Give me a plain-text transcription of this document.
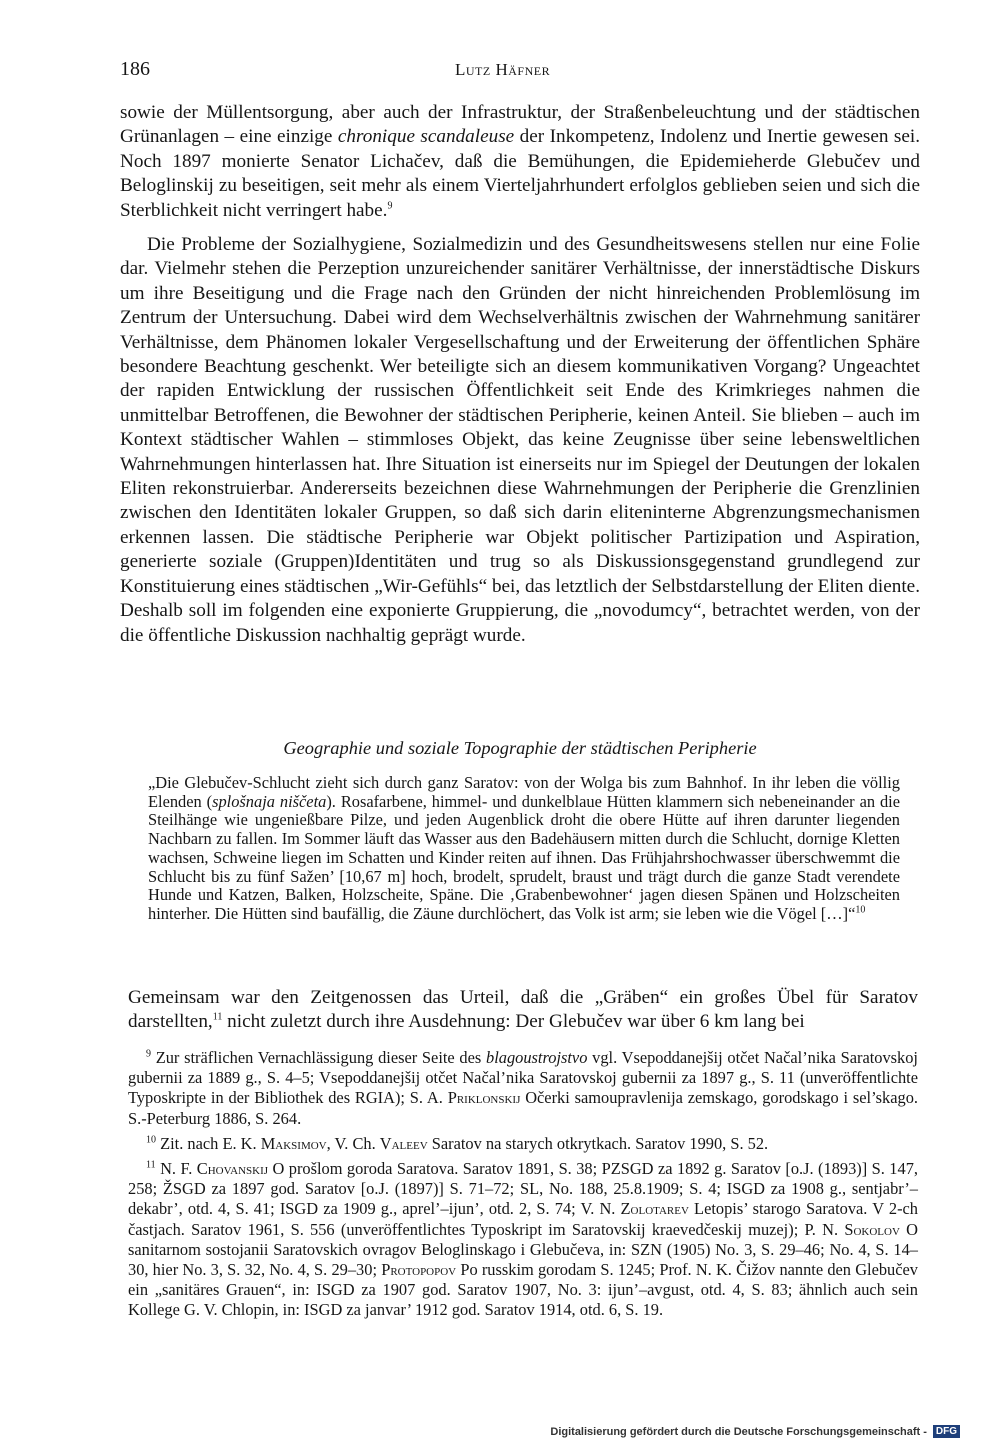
186	Lutz Häfner

sowie der Müllentsorgung, aber auch der Infrastruktur, der Straßenbeleuchtung und der städtischen Grünanlagen – eine einzige chronique scandaleuse der Inkompetenz, Indolenz und Inertie gewesen sei. Noch 1897 monierte Senator Lichačev, daß die Bemühungen, die Epidemieherde Glebučev und Beloglinskij zu beseitigen, seit mehr als einem Vierteljahrhundert erfolglos geblieben seien und sich die Sterblichkeit nicht verringert habe.$^9$

Die Probleme der Sozialhygiene, Sozialmedizin und des Gesundheitswesens stellen nur eine Folie dar. Vielmehr stehen die Perzeption unzureichender sanitärer Verhältnisse, der innerstädtische Diskurs um ihre Beseitigung und die Frage nach den Gründen der nicht hinreichenden Problemlösung im Zentrum der Untersuchung. Dabei wird dem Wechselverhältnis zwischen der Wahrnehmung sanitärer Verhältnisse, dem Phänomen lokaler Vergesellschaftung und der Erweiterung der öffentlichen Sphäre besondere Beachtung geschenkt. Wer beteiligte sich an diesem kommunikativen Vorgang? Ungeachtet der rapiden Entwicklung der russischen Öffentlichkeit seit Ende des Krimkrieges nahmen die unmittelbar Betroffenen, die Bewohner der städtischen Peripherie, keinen Anteil. Sie blieben – auch im Kontext städtischer Wahlen – stimmloses Objekt, das keine Zeugnisse über seine lebensweltlichen Wahrnehmungen hinterlassen hat. Ihre Situation ist einerseits nur im Spiegel der Deutungen der lokalen Eliten rekonstruierbar. Andererseits bezeichnen diese Wahrnehmungen der Peripherie die Grenzlinien zwischen den Identitäten lokaler Gruppen, so daß sich darin eliteninterne Abgrenzungsmechanismen erkennen lassen. Die städtische Peripherie war Objekt politischer Partizipation und Aspiration, generierte soziale (Gruppen)Identitäten und trug so als Diskussionsgegenstand grundlegend zur Konstituierung eines städtischen „Wir-Gefühls“ bei, das letztlich der Selbstdarstellung der Eliten diente. Deshalb soll im folgenden eine exponierte Gruppierung, die „novodumcy“, betrachtet werden, von der die öffentliche Diskussion nachhaltig geprägt wurde.

Geographie und soziale Topographie der städtischen Peripherie
„Die Glebučev-Schlucht zieht sich durch ganz Saratov: von der Wolga bis zum Bahnhof. In ihr leben die völlig Elenden (splošnaja niščeta). Rosafarbene, himmel- und dunkelblaue Hütten klammern sich nebeneinander an die Steilhänge wie ungenießbare Pilze, und jeden Augenblick droht die obere Hütte auf ihren darunter liegenden Nachbarn zu fallen. Im Sommer läuft das Wasser aus den Badehäusern mitten durch die Schlucht, dornige Kletten wachsen, Schweine liegen im Schatten und Kinder reiten auf ihnen. Das Frühjahrshochwasser überschwemmt die Schlucht bis zu fünf Sažen’ [10,67 m] hoch, brodelt, sprudelt, braust und trägt durch die ganze Stadt verendete Hunde und Katzen, Balken, Holzscheite, Späne. Die ‚Grabenbewohner‘ jagen diesen Spänen und Holzscheiten hinterher. Die Hütten sind baufällig, die Zäune durchlöchert, das Volk ist arm; sie leben wie die Vögel […]“$^{10}$

Gemeinsam war den Zeitgenossen das Urteil, daß die „Gräben“ ein großes Übel für Saratov darstellten,$^{11}$ nicht zuletzt durch ihre Ausdehnung: Der Glebučev war über 6 km lang bei

$^9$ Zur sträflichen Vernachlässigung dieser Seite des blagoustrojstvo vgl. Vsepoddanejšij otčet Načal’nika Saratovskoj gubernii za 1889 g., S. 4–5; Vsepoddanejšij otčet Načal’nika Saratovskoj gubernii za 1897 g., S. 11 (unveröffentlichte Typoskripte in der Bibliothek des RGIA); S. A. Priklonskij Očerki samoupravlenija zemskago, gorodskago i sel’skago. S.-Peterburg 1886, S. 264.

$^{10}$ Zit. nach E. K. Maksimov, V. Ch. Valeev Saratov na starych otkrytkach. Saratov 1990, S. 52.

$^{11}$ N. F. Chovanskij O prošlom goroda Saratova. Saratov 1891, S. 38; PZSGD za 1892 g. Saratov [o.J. (1893)] S. 147, 258; ŽSGD za 1897 god. Saratov [o.J. (1897)] S. 71–72; SL, No. 188, 25.8.1909; S. 4; ISGD za 1908 g., sentjabr’–dekabr’, otd. 4, S. 41; ISGD za 1909 g., aprel’–ijun’, otd. 2, S. 74; V. N. Zolotarev Letopis’ starogo Saratova. V 2-ch častjach. Saratov 1961, S. 556 (unveröffentlichtes Typoskript im Saratovskij kraevedčeskij muzej); P. N. Sokolov O sanitarnom sostojanii Saratovskich ovragov Beloglinskago i Glebučeva, in: SZN (1905) No. 3, S. 29–46; No. 4, S. 14–30, hier No. 3, S. 32, No. 4, S. 29–30; Protopopov Po russkim gorodam S. 1245; Prof. N. K. Čižov nannte den Glebučev ein „sanitäres Grauen“, in: ISGD za 1907 god. Saratov 1907, No. 3: ijun’–avgust, otd. 4, S. 83; ähnlich auch sein Kollege G. V. Chlopin, in: ISGD za janvar’ 1912 god. Saratov 1914, otd. 6, S. 19.

Digitalisierung gefördert durch die Deutsche Forschungsgemeinschaft - DFG
